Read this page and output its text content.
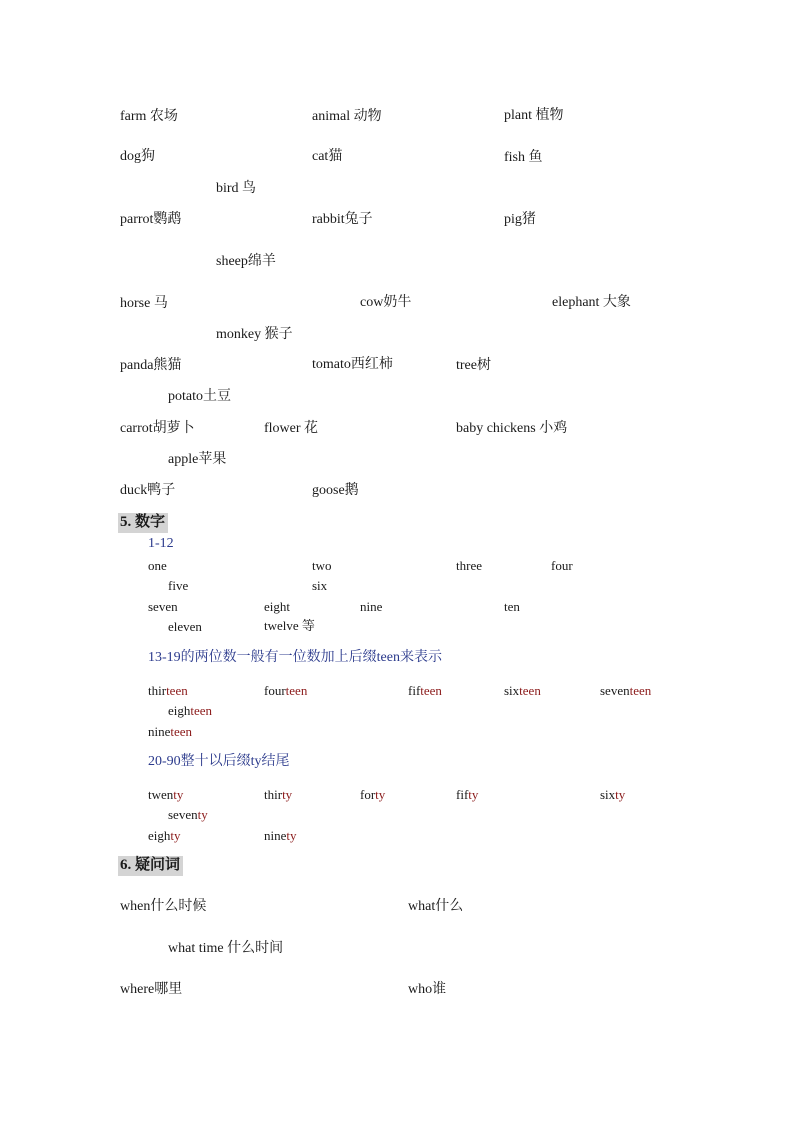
farm 农场	animal 动物	plant 植物
dog狗	cat猫	fish 鱼
bird 鸟
parrot鹦鹉	rabbit兔子	pig猪
sheep绵羊
horse 马	cow奶牛	elephant 大象
monkey 猴子
panda熊猫	tomato西红柿	tree树
potato土豆
carrot胡萝卜	flower 花	baby chickens 小鸡
apple苹果
duck鸭子	goose鹅
5. 数字
1-12
one	two	three	four
five	six
seven	eight	nine	ten
eleven	twelve 等
13-19的两位数一般有一位数加上后缀teen来表示
thirteen	fourteen	fifteen	sixteen	seventeen
eighteen
nineteen
20-90整十以后缀ty结尾
twenty	thirty	forty	fifty	sixty
seventy
eighty	ninety
6. 疑问词
when什么时候	what什么
what time 什么时间
where哪里	who谁
